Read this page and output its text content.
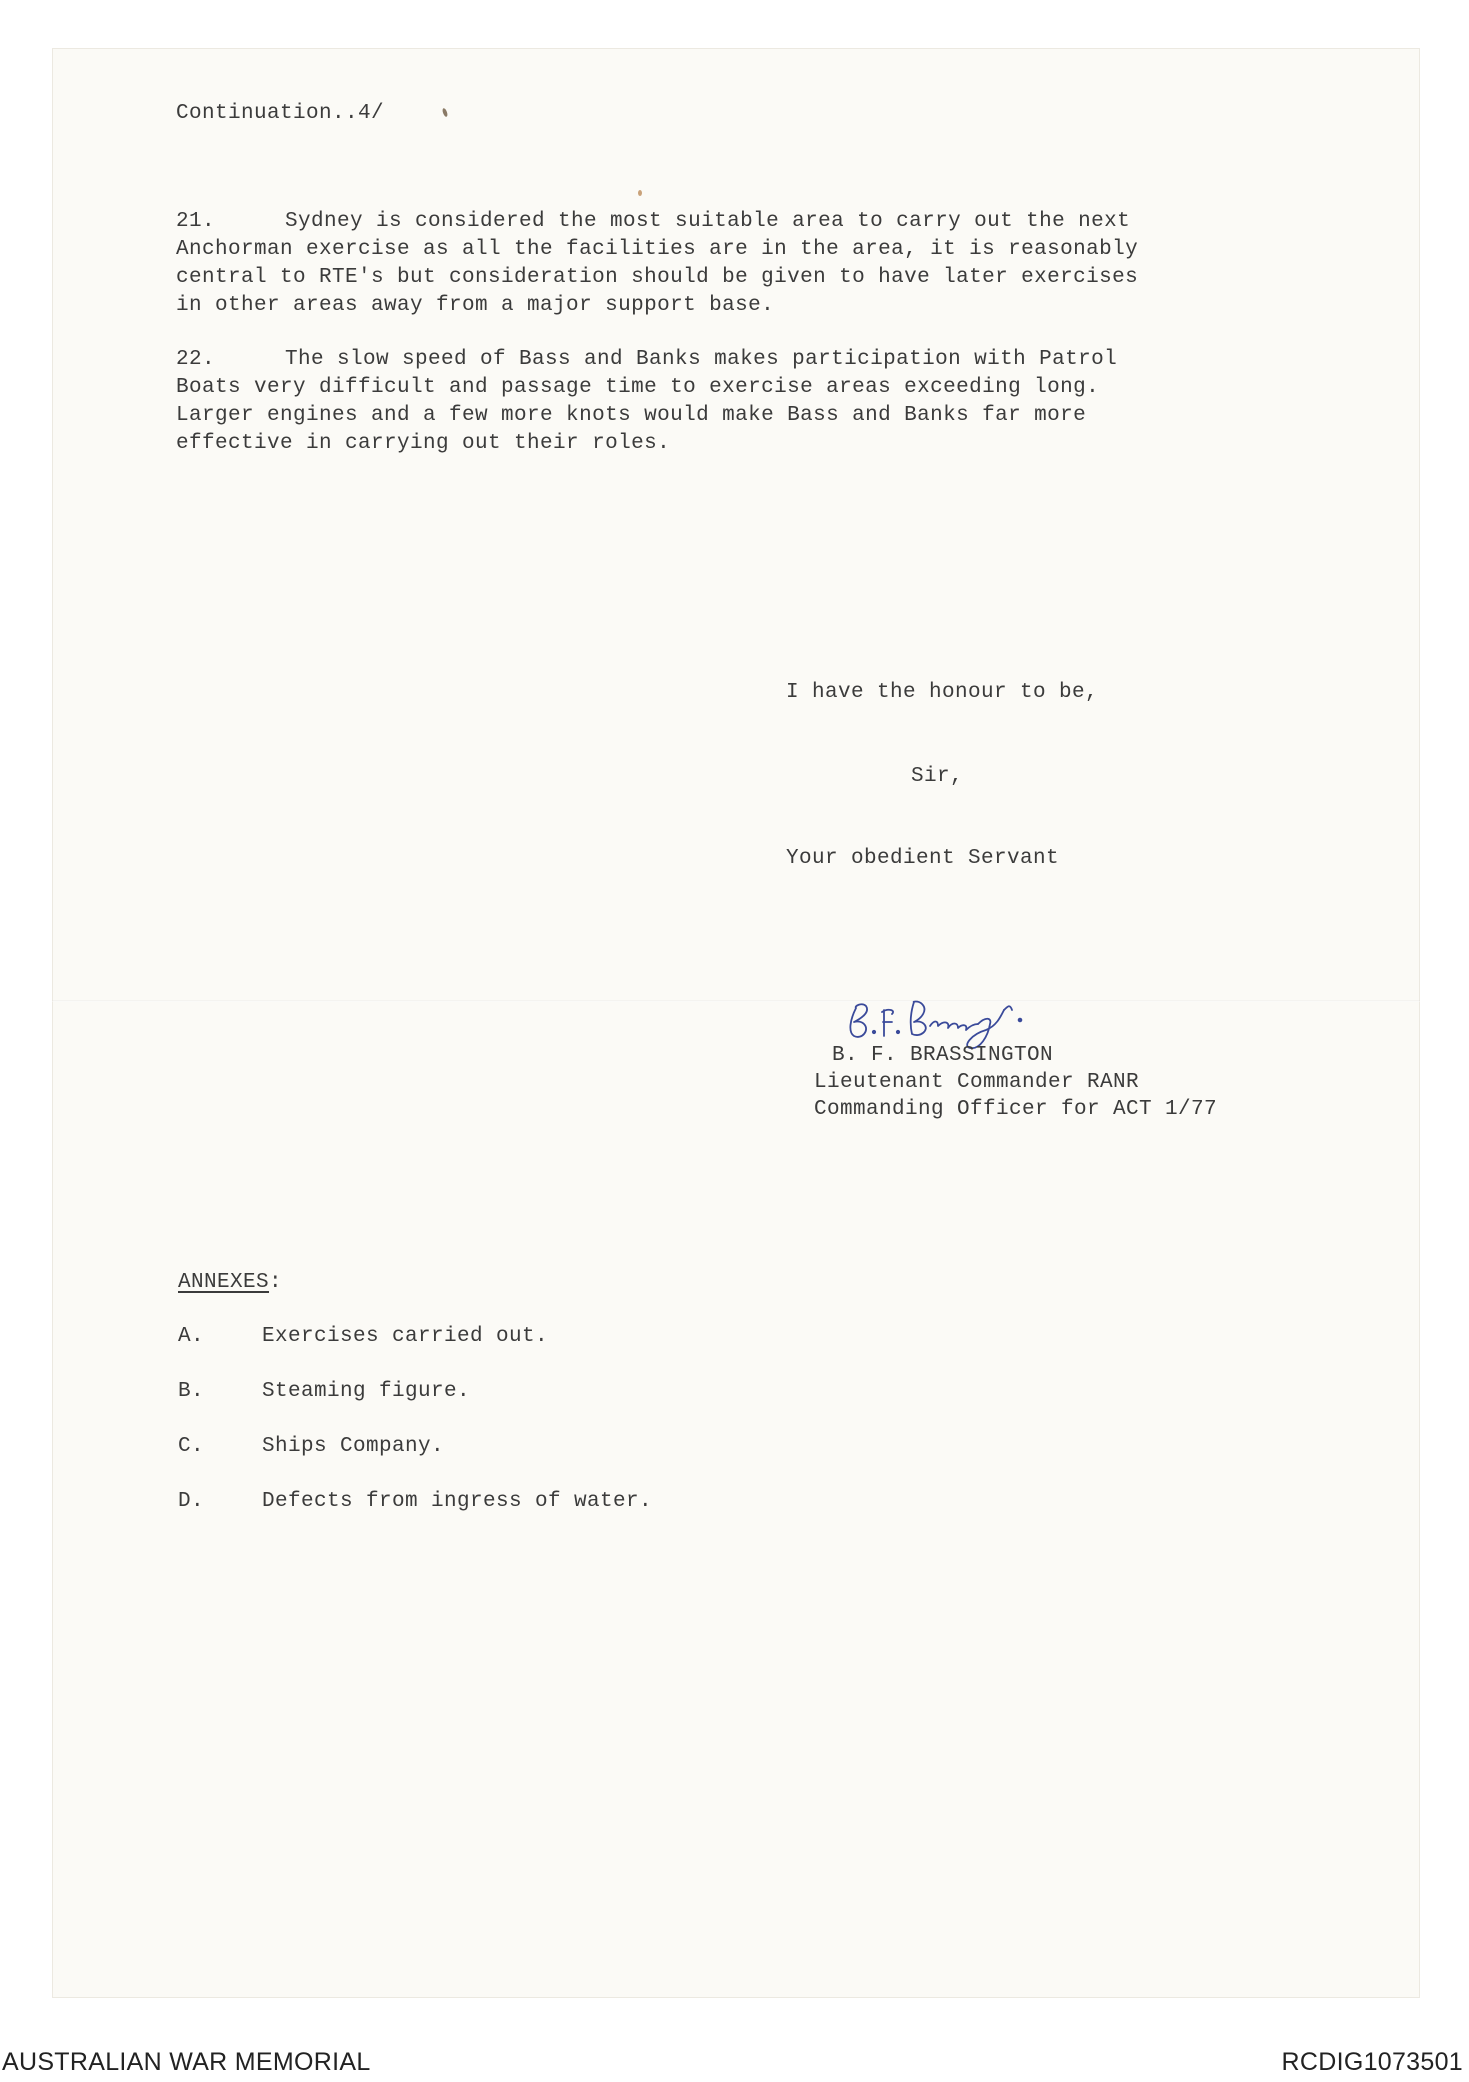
Continuation..4/
21.	Sydney is considered the most suitable area to carry out the next
Anchorman exercise as all the facilities are in the area, it is reasonably
central to RTE's but consideration should be given to have later exercises
in other areas away from a major support base.
22.	The slow speed of Bass and Banks makes participation with Patrol
Boats very difficult and passage time to exercise areas exceeding long.
Larger engines and a few more knots would make Bass and Banks far more
effective in carrying out their roles.
I have the honour to be,
Sir,
Your obedient Servant
B.F. Brassington
B. F. BRASSINGTON
Lieutenant Commander RANR
Commanding Officer for ACT 1/77
ANNEXES:
A.	Exercises carried out.
B.	Steaming figure.
C.	Ships Company.
D.	Defects from ingress of water.
AUSTRALIAN WAR MEMORIAL	RCDIG1073501
